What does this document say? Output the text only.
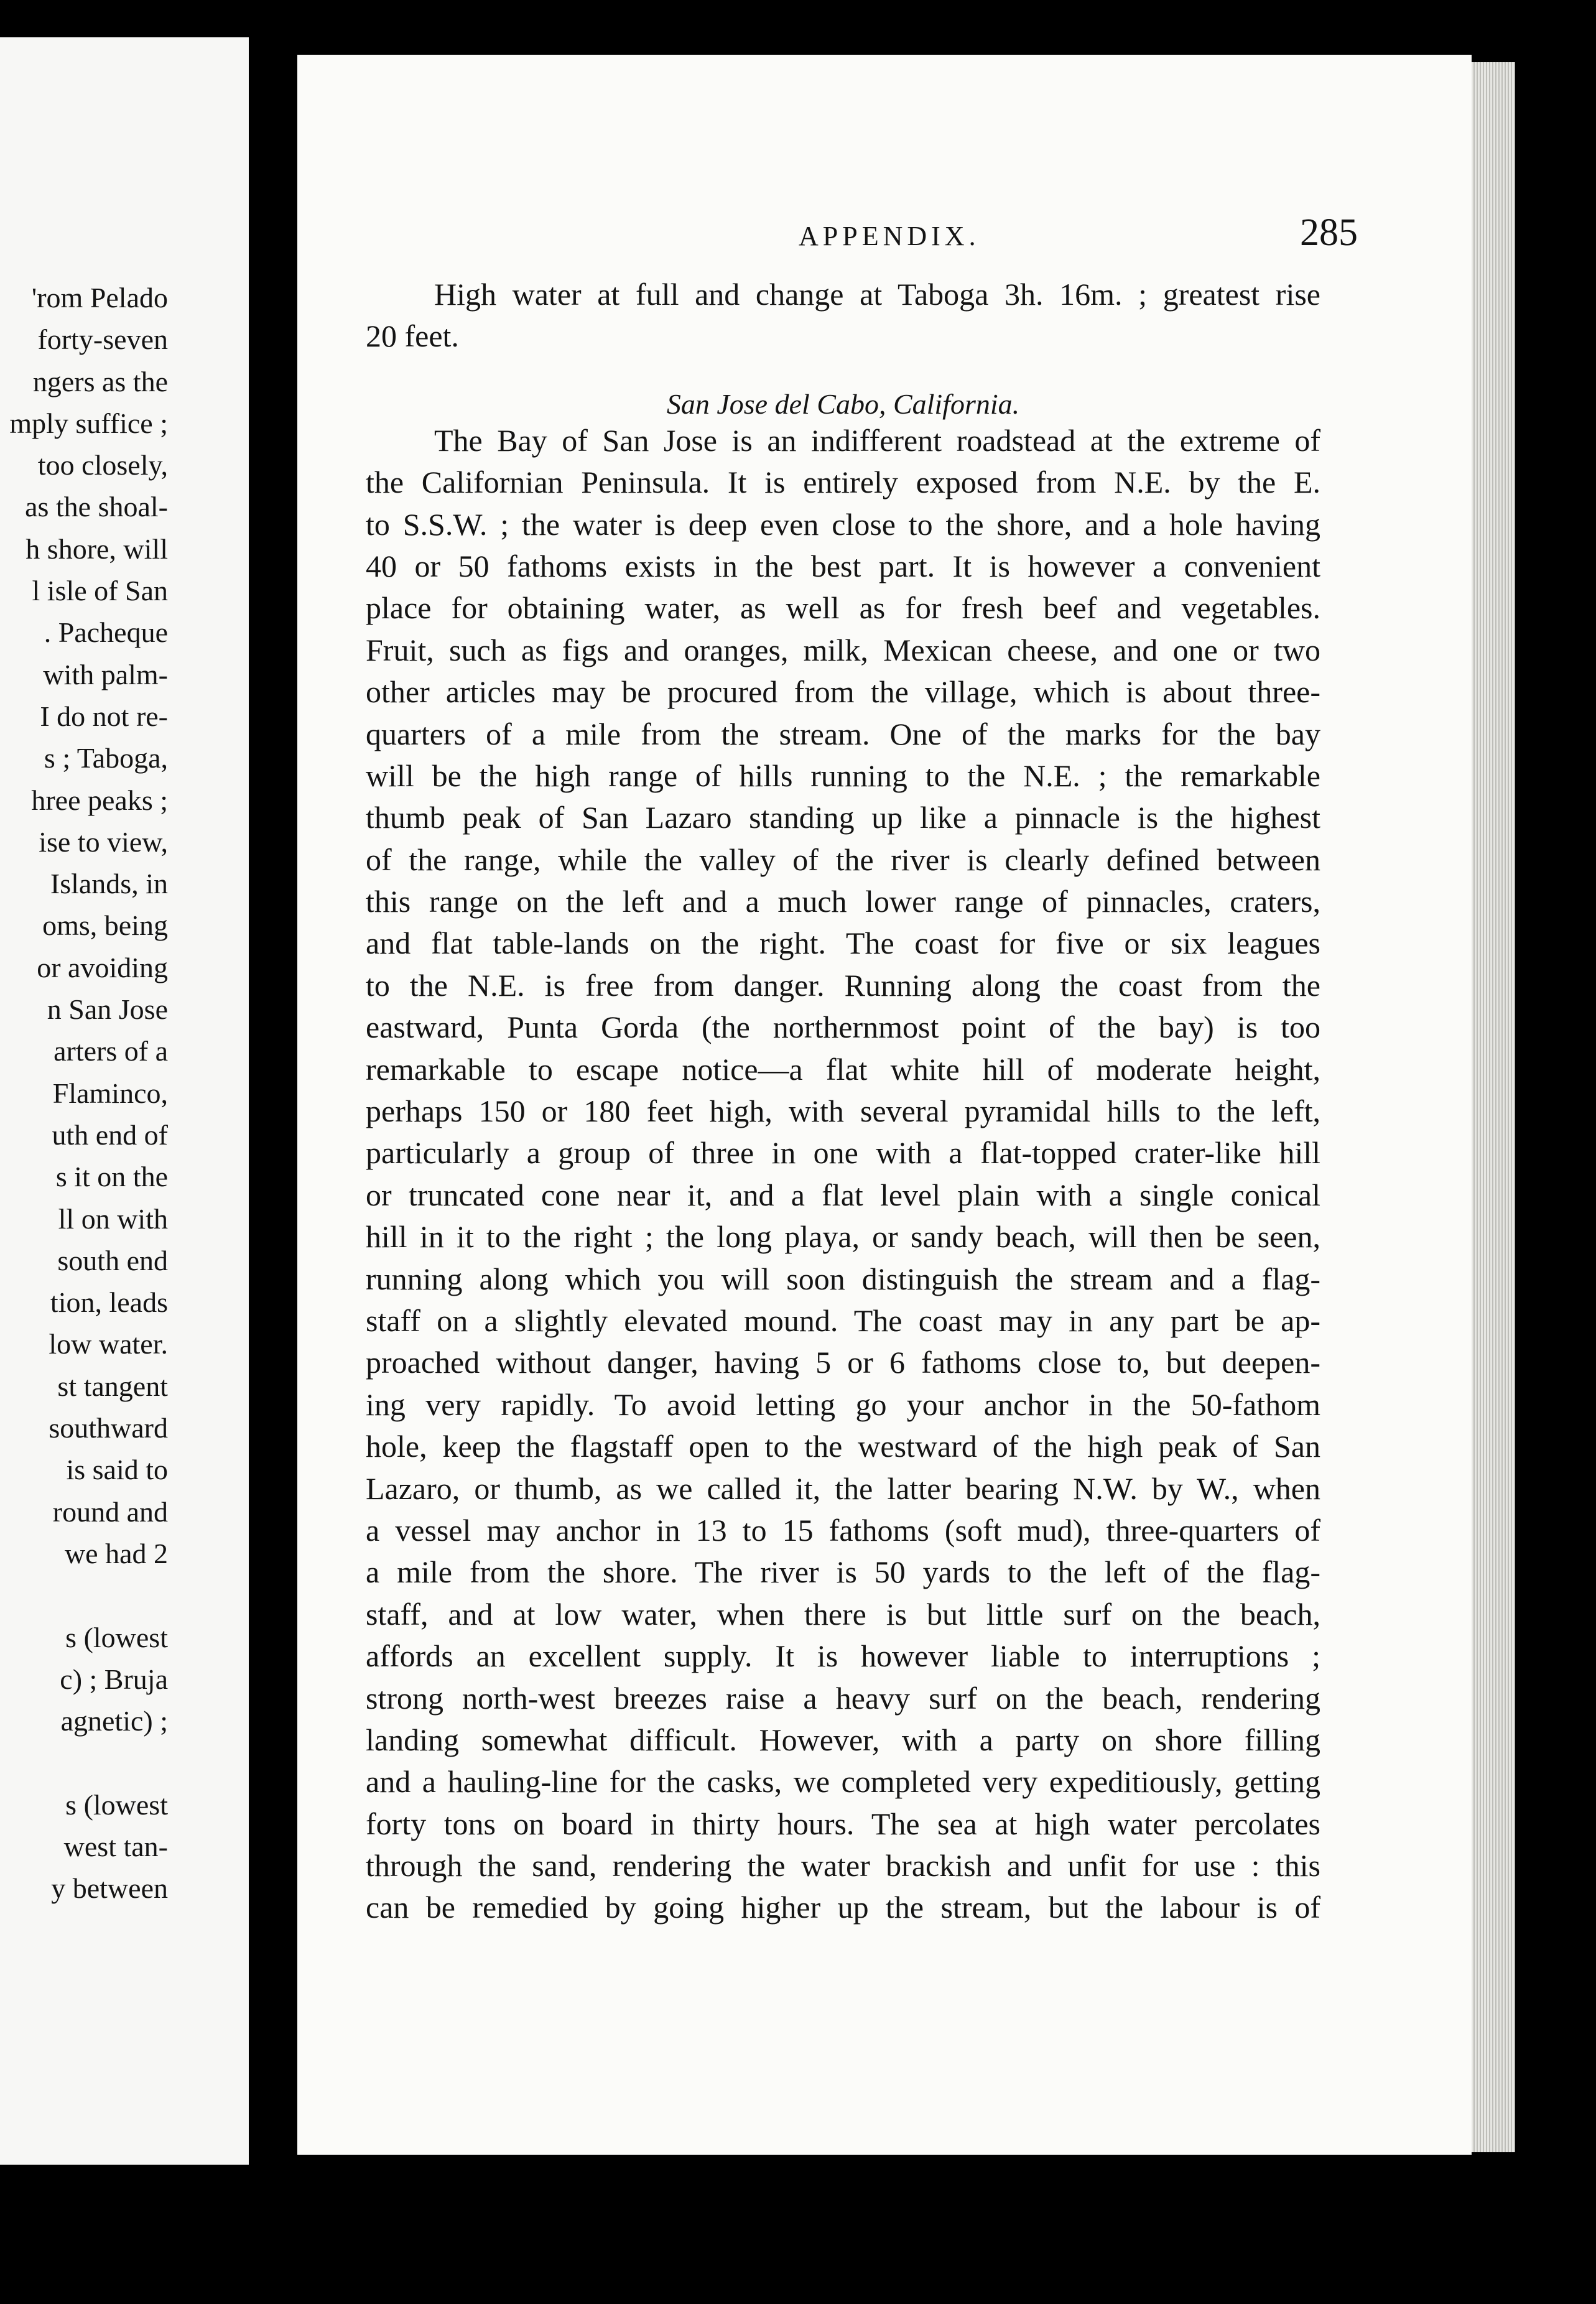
'rom Pelado
forty-seven
ngers as the
mply suffice ;
too closely,
as the shoal-
h shore, will
l isle of San
. Pacheque
with palm-
I do not re-
s ; Taboga,
hree peaks ;
ise to view,
Islands, in
oms, being
or avoiding
n San Jose
arters of a
Flaminco,
uth end of
s it on the
ll on with
south end
tion, leads
low water.
st tangent
southward
is said to
round and
we had 2
s (lowest
c) ; Bruja
agnetic) ;
s (lowest
west tan-
y between
APPENDIX.	285
High water at full and change at Taboga 3h. 16m. ; greatest rise
20 feet.
San Jose del Cabo, California.
The Bay of San Jose is an indifferent roadstead at the extreme of
the Californian Peninsula. It is entirely exposed from N.E. by the E.
to S.S.W. ; the water is deep even close to the shore, and a hole having
40 or 50 fathoms exists in the best part. It is however a convenient
place for obtaining water, as well as for fresh beef and vegetables.
Fruit, such as figs and oranges, milk, Mexican cheese, and one or two
other articles may be procured from the village, which is about three-
quarters of a mile from the stream. One of the marks for the bay
will be the high range of hills running to the N.E. ; the remarkable
thumb peak of San Lazaro standing up like a pinnacle is the highest
of the range, while the valley of the river is clearly defined between
this range on the left and a much lower range of pinnacles, craters,
and flat table-lands on the right. The coast for five or six leagues
to the N.E. is free from danger. Running along the coast from the
eastward, Punta Gorda (the northernmost point of the bay) is too
remarkable to escape notice—a flat white hill of moderate height,
perhaps 150 or 180 feet high, with several pyramidal hills to the left,
particularly a group of three in one with a flat-topped crater-like hill
or truncated cone near it, and a flat level plain with a single conical
hill in it to the right ; the long playa, or sandy beach, will then be seen,
running along which you will soon distinguish the stream and a flag-
staff on a slightly elevated mound. The coast may in any part be ap-
proached without danger, having 5 or 6 fathoms close to, but deepen-
ing very rapidly. To avoid letting go your anchor in the 50-fathom
hole, keep the flagstaff open to the westward of the high peak of San
Lazaro, or thumb, as we called it, the latter bearing N.W. by W., when
a vessel may anchor in 13 to 15 fathoms (soft mud), three-quarters of
a mile from the shore. The river is 50 yards to the left of the flag-
staff, and at low water, when there is but little surf on the beach,
affords an excellent supply. It is however liable to interruptions ;
strong north-west breezes raise a heavy surf on the beach, rendering
landing somewhat difficult. However, with a party on shore filling
and a hauling-line for the casks, we completed very expeditiously, getting
forty tons on board in thirty hours. The sea at high water percolates
through the sand, rendering the water brackish and unfit for use : this
can be remedied by going higher up the stream, but the labour is of
